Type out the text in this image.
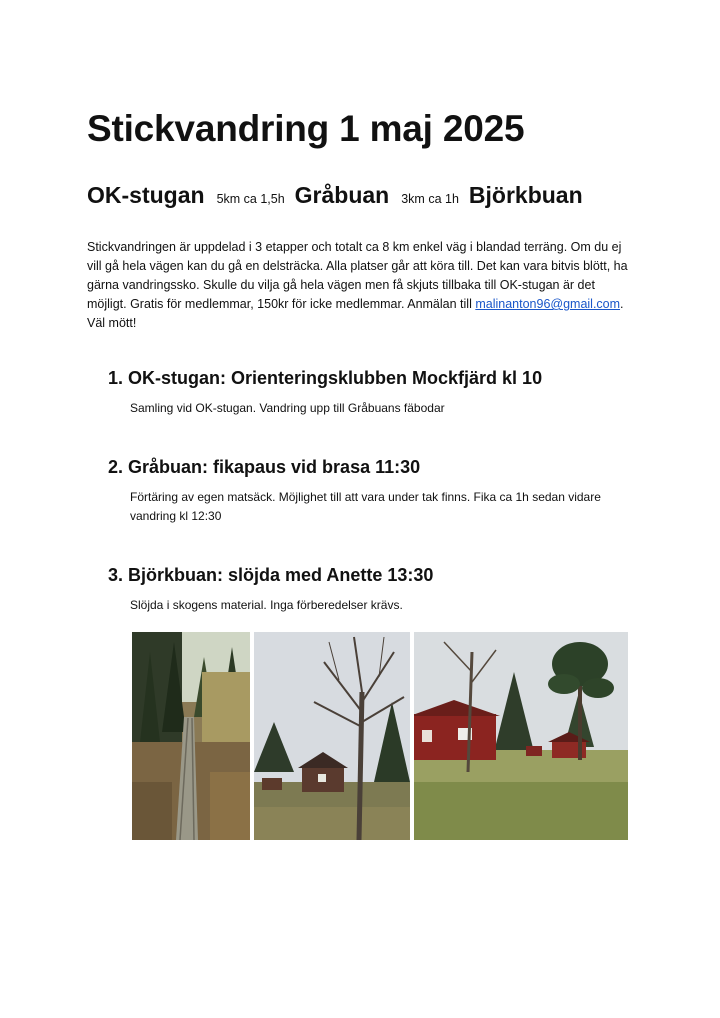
Stickvandring 1 maj 2025
OK-stugan 5km ca 1,5h Gråbuan 3km ca 1h Björkbuan

Stickvandringen är uppdelad i 3 etapper och totalt ca 8 km enkel väg i blandad terräng. Om du ej vill gå hela vägen kan du gå en delsträcka. Alla platser går att köra till. Det kan vara bitvis blött, ha gärna vandringssko. Skulle du vilja gå hela vägen men få skjuts tillbaka till OK-stugan är det möjligt. Gratis för medlemmar, 150kr för icke medlemmar. Anmälan till malinanton96@gmail.com. Väl mött!

1. OK-stugan: Orienteringsklubben Mockfjärd kl 10

Samling vid OK-stugan. Vandring upp till Gråbuans fäbodar

2. Gråbuan: fikapaus vid brasa 11:30

Förtäring av egen matsäck. Möjlighet till att vara under tak finns. Fika ca 1h sedan vidare vandring kl 12:30

3. Björkbuan: slöjda med Anette 13:30

Slöjda i skogens material. Inga förberedelser krävs.
